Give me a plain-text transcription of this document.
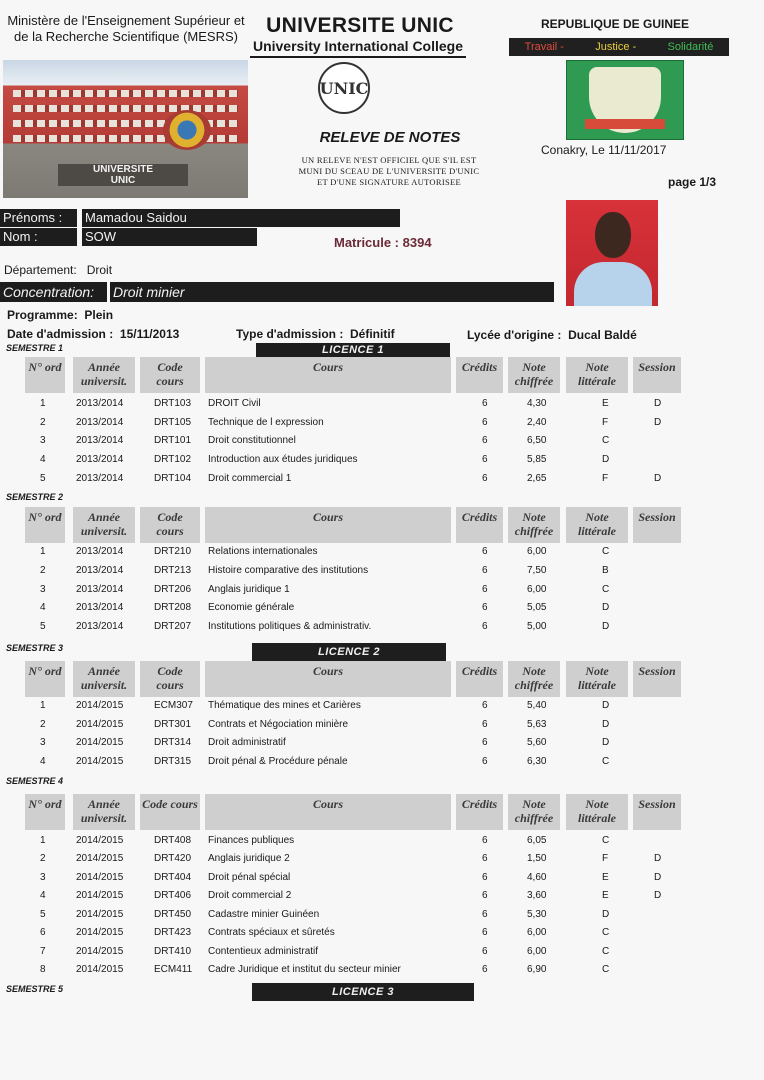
Ministère de l'Enseignement Supérieur et
de la Recherche Scientifique (MESRS)
UNIVERSITE
UNIC
UNIVERSITE UNIC
University International College
UNIC
RELEVE DE NOTES
UN RELEVE N'EST OFFICIEL QUE S'IL EST
MUNI DU SCEAU DE L'UNIVERSITE D'UNIC
ET D'UNE SIGNATURE AUTORISEE
REPUBLIQUE DE GUINEE
Travail -	Justice -	Solidarité
Conakry, Le 11/11/2017
page 1/3
Prénoms :	Mamadou Saidou
Nom :	SOW	Matricule : 8394
Département: Droit
Concentration:	Droit minier
Programme: Plein
Date d'admission : 15/11/2013	Type d'admission : Définitif	Lycée d'origine : Ducal Baldé
LICENCE 1
LICENCE 2
LICENCE 3
SEMESTRE 1
N° ord	Année
universit.
Code
cours
Cours	Crédits	Note
chiffrée
Note
littérale
Session
1	2013/2014	DRT103 DROIT Civil	6	4,30	E	D
2	2013/2014	DRT105 Technique de l expression	6	2,40	F	D
3	2013/2014	DRT101 Droit constitutionnel	6	6,50	C
4	2013/2014	DRT102 Introduction aux études juridiques	6	5,85	D
5	2013/2014	DRT104 Droit commercial 1	6	2,65	F	D
SEMESTRE 2
N° ord	Année
universit.
Code
cours
Cours	Crédits	Note
chiffrée
Note
littérale
Session
1	2013/2014	DRT210 Relations internationales	6	6,00	C
2	2013/2014	DRT213 Histoire comparative des institutions	6	7,50	B
3	2013/2014	DRT206 Anglais juridique 1	6	6,00	C
4	2013/2014	DRT208 Economie générale	6	5,05	D
5	2013/2014	DRT207 Institutions politiques & administrativ.	6	5,00	D
SEMESTRE 3
N° ord	Année
universit.
Code
cours
Cours	Crédits	Note
chiffrée
Note
littérale
Session
1	2014/2015	ECM307 Thématique des mines et Carières	6	5,40	D
2	2014/2015	DRT301 Contrats et Négociation minière	6	5,63	D
3	2014/2015	DRT314 Droit administratif	6	5,60	D
4	2014/2015	DRT315 Droit pénal & Procédure pénale	6	6,30	C
SEMESTRE 4
N° ord	Année
universit.
Code cours	Cours	Crédits	Note
chiffrée
Note
littérale
Session
1	2014/2015	DRT408 Finances publiques	6	6,05	C
2	2014/2015	DRT420 Anglais juridique 2	6	1,50	F	D
3	2014/2015	DRT404 Droit pénal spécial	6	4,60	E	D
4	2014/2015	DRT406 Droit commercial 2	6	3,60	E	D
5	2014/2015	DRT450 Cadastre minier Guinéen	6	5,30	D
6	2014/2015	DRT423 Contrats spéciaux et sûretés	6	6,00	C
7	2014/2015	DRT410 Contentieux administratif	6	6,00	C
8	2014/2015	ECM411 Cadre Juridique et institut du secteur minier	6	6,90	C
SEMESTRE 5
